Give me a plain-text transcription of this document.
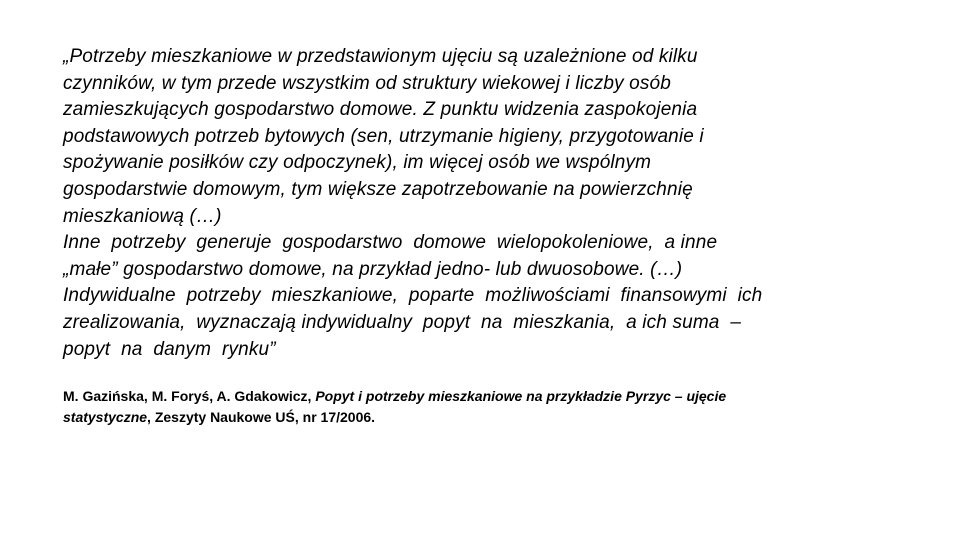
„Potrzeby mieszkaniowe w przedstawionym ujęciu są uzależnione od kilku
czynników, w tym przede wszystkim od struktury wiekowej i liczby osób
zamieszkujących gospodarstwo domowe. Z punktu widzenia zaspokojenia
podstawowych potrzeb bytowych (sen, utrzymanie higieny, przygotowanie i
spożywanie posiłków czy odpoczynek), im więcej osób we wspólnym
gospodarstwie domowym, tym większe zapotrzebowanie na powierzchnię
mieszkaniową (…)
Inne  potrzeby  generuje  gospodarstwo  domowe  wielopokoleniowe,  a inne
„małe” gospodarstwo domowe, na przykład jedno- lub dwuosobowe. (…)
Indywidualne  potrzeby  mieszkaniowe,  poparte  możliwościami  finansowymi  ich
zrealizowania,  wyznaczają indywidualny  popyt  na  mieszkania,  a ich suma  –
popyt  na  danym  rynku”
M. Gazińska, M. Foryś, A. Gdakowicz, Popyt i potrzeby mieszkaniowe na przykładzie Pyrzyc – ujęcie
statystyczne, Zeszyty Naukowe UŚ, nr 17/2006.
